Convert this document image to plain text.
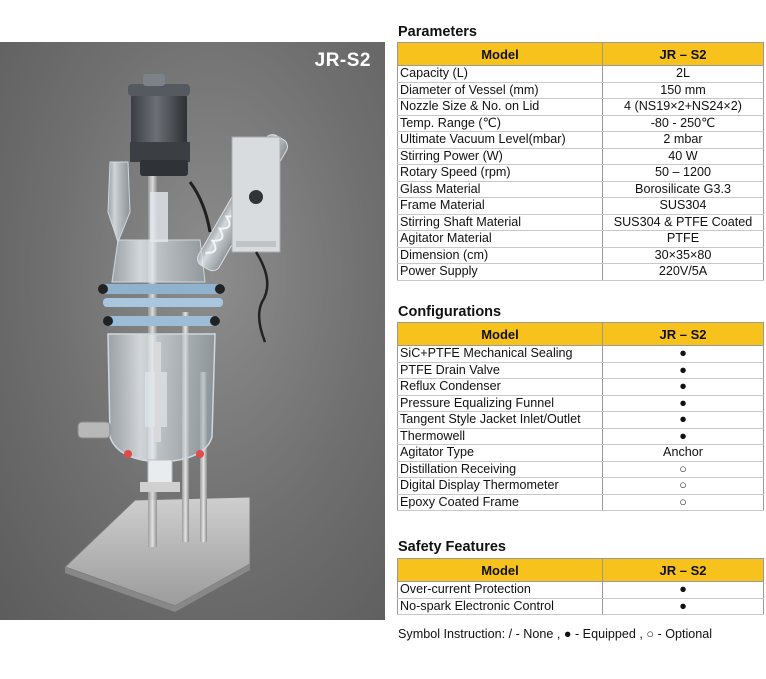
JR-S2
Parameters
Model	JR – S2
Capacity (L)	2L
Diameter of Vessel (mm)	150 mm
Nozzle Size & No. on Lid	4 (NS19×2+NS24×2)
Temp. Range (℃)	-80 - 250℃
Ultimate Vacuum Level(mbar)	2 mbar
Stirring Power (W)	40 W
Rotary Speed (rpm)	50 – 1200
Glass Material	Borosilicate G3.3
Frame Material	SUS304
Stirring Shaft Material	SUS304 & PTFE Coated
Agitator Material	PTFE
Dimension (cm)	30×35×80
Power Supply	220V/5A
Configurations
Model	JR – S2
SiC+PTFE Mechanical Sealing	●
PTFE Drain Valve	●
Reflux Condenser	●
Pressure Equalizing Funnel	●
Tangent Style Jacket Inlet/Outlet	●
Thermowell	●
Agitator Type	Anchor
Distillation Receiving	○
Digital Display Thermometer	○
Epoxy Coated Frame	○
Safety Features
Model	JR – S2
Over-current Protection	●
No-spark Electronic Control	●
Symbol Instruction: / - None , ● - Equipped , ○ - Optional
